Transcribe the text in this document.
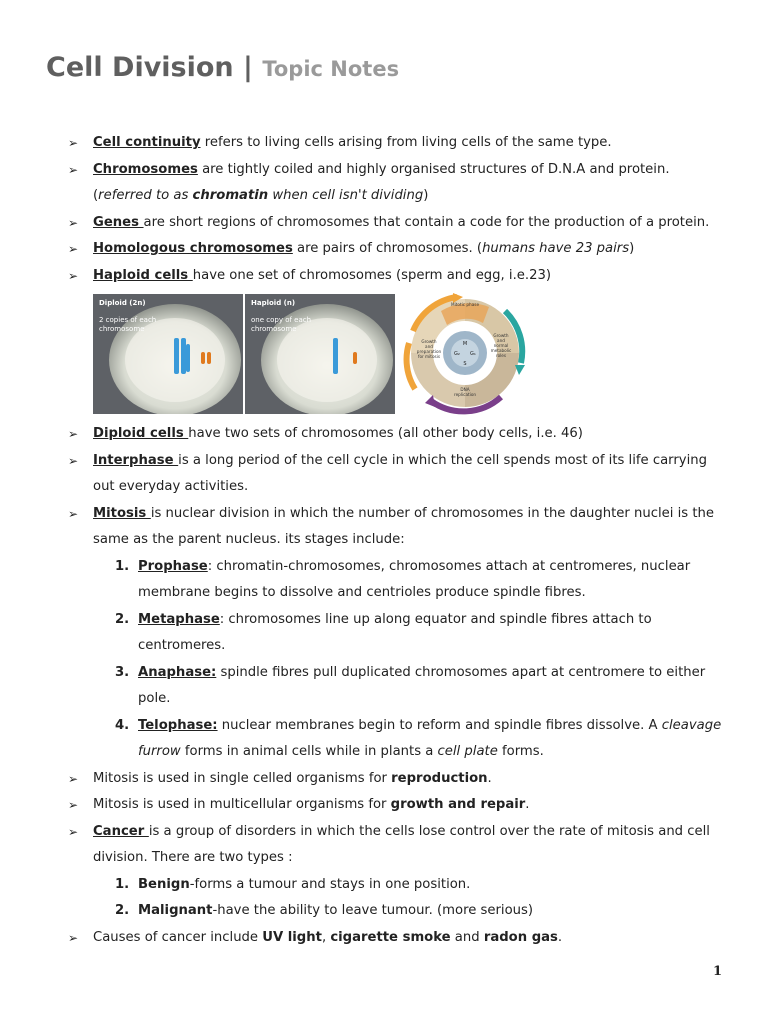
Cell Division | Topic Notes
➢ Cell continuity refers to living cells arising from living cells of the same type.
➢ Chromosomes are tightly coiled and highly organised structures of D.N.A and protein. (referred to as chromatin when cell isn't dividing)
➢ Genes are short regions of chromosomes that contain a code for the production of a protein.
➢ Homologous chromosomes are pairs of chromosomes. (humans have 23 pairs)
➢ Haploid cells have one set of chromosomes (sperm and egg, i.e.23)
Diploid (2n)
2 copies of each
chromosome
Haploid (n)
one copy of each
chromosome
Mitotic phase
M
G₂ G₁
S
Growth
and
preparation
for mitosis
Growth
and
normal
metabolic
roles
DNA
replication
➢ Diploid cells have two sets of chromosomes (all other body cells, i.e. 46)
➢ Interphase is a long period of the cell cycle in which the cell spends most of its life carrying out everyday activities.
➢ Mitosis is nuclear division in which the number of chromosomes in the daughter nuclei is the same as the parent nucleus. its stages include:
1. Prophase: chromatin-chromosomes, chromosomes attach at centromeres, nuclear membrane begins to dissolve and centrioles produce spindle fibres.
2. Metaphase: chromosomes line up along equator and spindle fibres attach to centromeres.
3. Anaphase: spindle fibres pull duplicated chromosomes apart at centromere to either pole.
4. Telophase: nuclear membranes begin to reform and spindle fibres dissolve. A cleavage furrow forms in animal cells while in plants a cell plate forms.
➢ Mitosis is used in single celled organisms for reproduction.
➢ Mitosis is used in multicellular organisms for growth and repair.
➢ Cancer is a group of disorders in which the cells lose control over the rate of mitosis and cell division. There are two types :
1. Benign-forms a tumour and stays in one position.
2. Malignant-have the ability to leave tumour. (more serious)
➢ Causes of cancer include UV light, cigarette smoke and radon gas.
1
